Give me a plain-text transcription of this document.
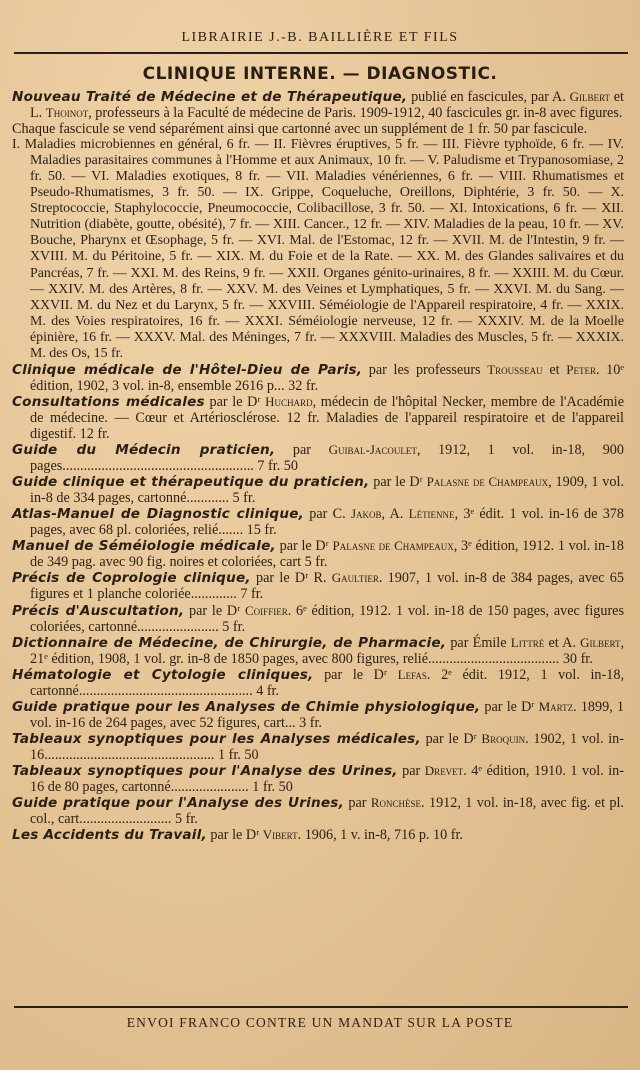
LIBRAIRIE J.-B. BAILLIÈRE ET FILS
CLINIQUE INTERNE. — DIAGNOSTIC.

Nouveau Traité de Médecine et de Thérapeutique, publié en fascicules, par A. Gilbert et L. Thoinot, professeurs à la Faculté de médecine de Paris. 1909-1912, 40 fascicules gr. in-8 avec figures.

Chaque fascicule se vend séparément ainsi que cartonné avec un supplément de 1 fr. 50 par fascicule.

I. Maladies microbiennes en général, 6 fr. — II. Fièvres éruptives, 5 fr. — III. Fièvre typhoïde, 6 fr. — IV. Maladies parasitaires communes à l'Homme et aux Animaux, 10 fr. — V. Paludisme et Trypanosomiase, 2 fr. 50. — VI. Maladies exotiques, 8 fr. — VII. Maladies vénériennes, 6 fr. — VIII. Rhumatismes et Pseudo-Rhumatismes, 3 fr. 50. — IX. Grippe, Coqueluche, Oreillons, Diphtérie, 3 fr. 50. — X. Streptococcie, Staphylococcie, Pneumococcie, Colibacillose, 3 fr. 50. — XI. Intoxications, 6 fr. — XII. Nutrition (diabète, goutte, obésité), 7 fr. — XIII. Cancer., 12 fr. — XIV. Maladies de la peau, 10 fr. — XV. Bouche, Pharynx et Œsophage, 5 fr. — XVI. Mal. de l'Estomac, 12 fr. — XVII. M. de l'Intestin, 9 fr. — XVIII. M. du Péritoine, 5 fr. — XIX. M. du Foie et de la Rate. — XX. M. des Glandes salivaires et du Pancréas, 7 fr. — XXI. M. des Reins, 9 fr. — XXII. Organes génito-urinaires, 8 fr. — XXIII. M. du Cœur. — XXIV. M. des Artères, 8 fr. — XXV. M. des Veines et Lymphatiques, 5 fr. — XXVI. M. du Sang. — XXVII. M. du Nez et du Larynx, 5 fr. — XXVIII. Séméiologie de l'Appareil respiratoire, 4 fr. — XXIX. M. des Voies respiratoires, 16 fr. — XXXI. Séméiologie nerveuse, 12 fr. — XXXIV. M. de la Moelle épinière, 16 fr. — XXXV. Mal. des Méninges, 7 fr. — XXXVIII. Maladies des Muscles, 5 fr. — XXXIX. M. des Os, 15 fr.

Clinique médicale de l'Hôtel-Dieu de Paris, par les professeurs Trousseau et Peter. 10ᵉ édition, 1902, 3 vol. in-8, ensemble 2616 p... 32 fr.

Consultations médicales par le Dʳ Huchard, médecin de l'hôpital Necker, membre de l'Académie de médecine. — Cœur et Artériosclérose. 12 fr. Maladies de l'appareil respiratoire et de l'appareil digestif. 12 fr.

Guide du Médecin praticien, par Guibal-Jacoulet, 1912, 1 vol. in-18, 900 pages...................................................... 7 fr. 50

Guide clinique et thérapeutique du praticien, par le Dʳ Palasne de Champeaux, 1909, 1 vol. in-8 de 334 pages, cartonné............ 5 fr.

Atlas-Manuel de Diagnostic clinique, par C. Jakob, A. Létienne, 3ᵉ édit. 1 vol. in-16 de 378 pages, avec 68 pl. coloriées, relié....... 15 fr.

Manuel de Séméiologie médicale, par le Dʳ Palasne de Champeaux, 3ᵉ édition, 1912. 1 vol. in-18 de 349 pag. avec 90 fig. noires et coloriées, cart 5 fr.

Précis de Coprologie clinique, par le Dʳ R. Gaultier. 1907, 1 vol. in-8 de 384 pages, avec 65 figures et 1 planche coloriée............. 7 fr.

Précis d'Auscultation, par le Dʳ Coiffier. 6ᵉ édition, 1912. 1 vol. in-18 de 150 pages, avec figures coloriées, cartonné....................... 5 fr.

Dictionnaire de Médecine, de Chirurgie, de Pharmacie, par Émile Littré et A. Gilbert, 21ᵉ édition, 1908, 1 vol. gr. in-8 de 1850 pages, avec 800 figures, relié..................................... 30 fr.

Hématologie et Cytologie cliniques, par le Dʳ Lefas. 2ᵉ édit. 1912, 1 vol. in-18, cartonné................................................. 4 fr.

Guide pratique pour les Analyses de Chimie physiologique, par le Dʳ Martz. 1899, 1 vol. in-16 de 264 pages, avec 52 figures, cart... 3 fr.

Tableaux synoptiques pour les Analyses médicales, par le Dʳ Broquin. 1902, 1 vol. in-16................................................ 1 fr. 50

Tableaux synoptiques pour l'Analyse des Urines, par Drevet. 4ᵉ édition, 1910. 1 vol. in-16 de 80 pages, cartonné...................... 1 fr. 50

Guide pratique pour l'Analyse des Urines, par Ronchèse. 1912, 1 vol. in-18, avec fig. et pl. col., cart.......................... 5 fr.

Les Accidents du Travail, par le Dʳ Vibert. 1906, 1 v. in-8, 716 p. 10 fr.

ENVOI FRANCO CONTRE UN MANDAT SUR LA POSTE
